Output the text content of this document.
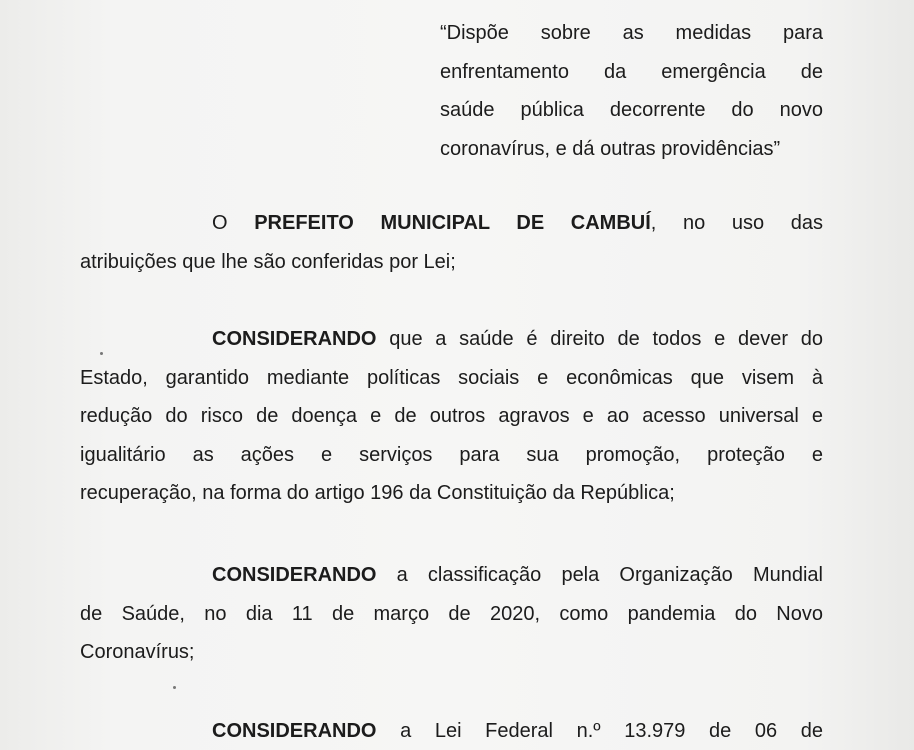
“Dispõe sobre as medidas para
enfrentamento da emergência de
saúde pública decorrente do novo
coronavírus, e dá outras providências”
O PREFEITO MUNICIPAL DE CAMBUÍ, no uso das
atribuições que lhe são conferidas por Lei;
CONSIDERANDO que a saúde é direito de todos e dever do
Estado, garantido mediante políticas sociais e econômicas que visem à
redução do risco de doença e de outros agravos e ao acesso universal e
igualitário as ações e serviços para sua promoção, proteção e
recuperação, na forma do artigo 196 da Constituição da República;
CONSIDERANDO a classificação pela Organização Mundial
de Saúde, no dia 11 de março de 2020, como pandemia do Novo
Coronavírus;
CONSIDERANDO a Lei Federal n.º 13.979 de 06 de
